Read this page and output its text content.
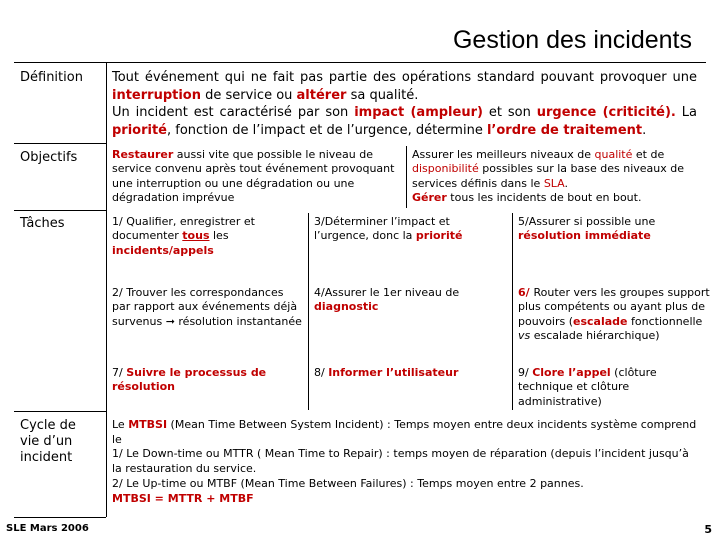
Gestion des incidents
Définition
Objectifs
Tâches
Cycle de vie d’un incident
Tout événement qui ne fait pas partie des opérations standard pouvant provoquer une interruption de service ou altérer sa qualité.
Un incident est caractérisé par son impact (ampleur) et son urgence (criticité). La priorité, fonction de l’impact et de l’urgence, détermine l’ordre de traitement.
Restaurer aussi vite que possible le niveau de service convenu après tout événement provoquant une interruption ou une dégradation ou une dégradation imprévue
Assurer les meilleurs niveaux de qualité et de disponibilité possibles sur la base des niveaux de services définis dans le SLA.
Gérer tous les incidents de bout en bout.
1/ Qualifier, enregistrer et documenter tous les incidents/appels
3/Déterminer l’impact et l’urgence, donc la priorité
5/Assurer si possible une résolution immédiate
2/ Trouver les correspondances par rapport aux événements déjà survenus ➞ résolution instantanée
4/Assurer le 1er niveau de diagnostic
6/ Router vers les groupes support plus compétents ou ayant plus de pouvoirs (escalade fonctionnelle vs escalade hiérarchique)
7/ Suivre le processus de résolution
8/ Informer l’utilisateur	9/ Clore l’appel (clôture technique et clôture administrative)
Le MTBSI (Mean Time Between System Incident) : Temps moyen entre deux incidents système comprend le
1/ Le Down-time ou MTTR ( Mean Time to Repair) : temps moyen de réparation (depuis l’incident jusqu’à la restauration du service.
2/ Le Up-time ou MTBF (Mean Time Between Failures) : Temps moyen entre 2 pannes.
MTBSI = MTTR + MTBF
SLE Mars 2006	5
